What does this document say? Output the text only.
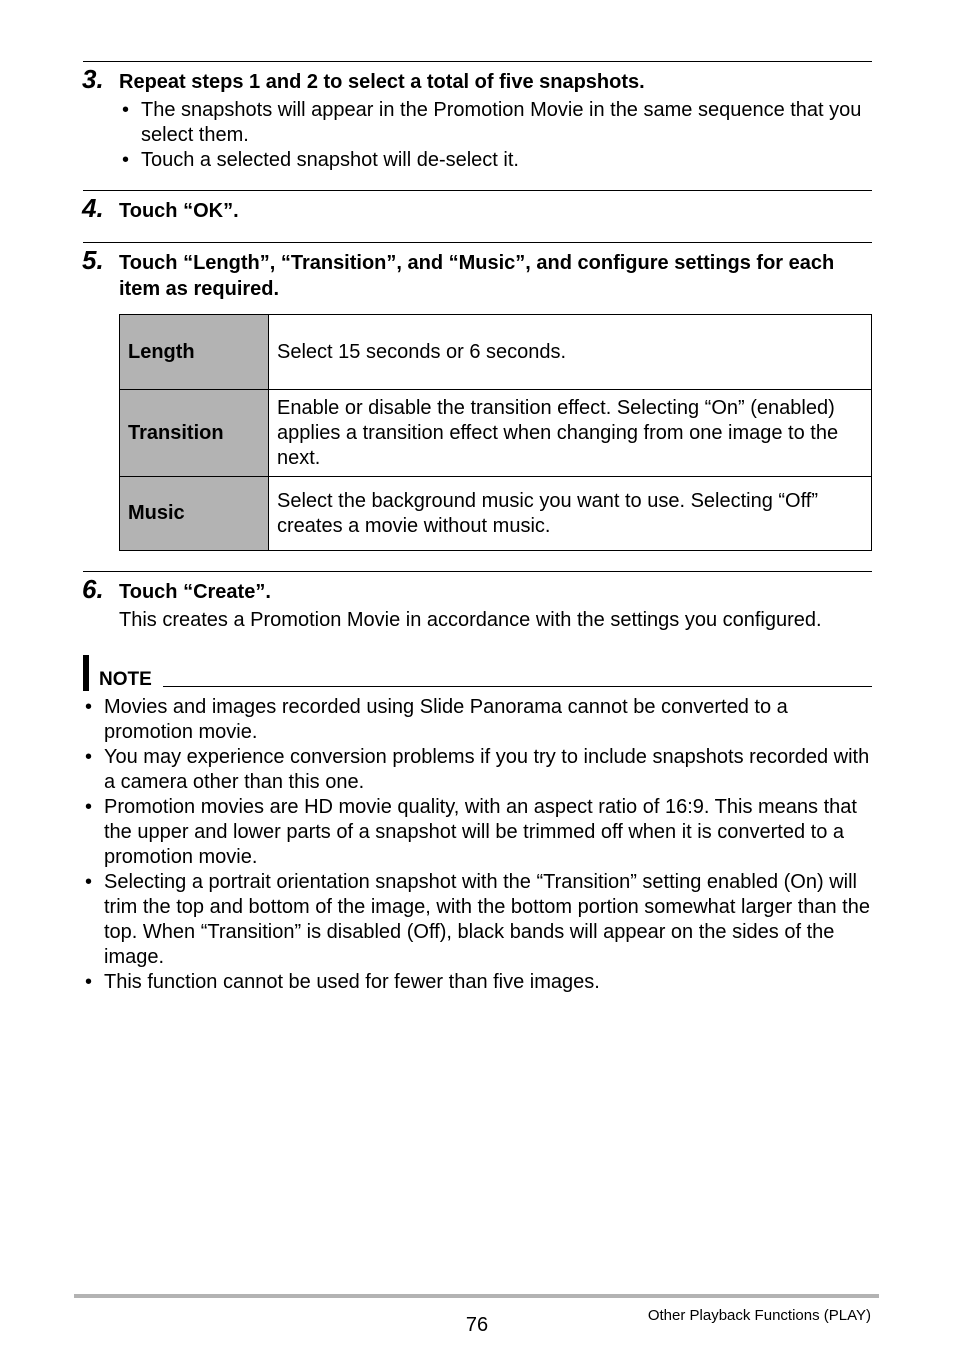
3. Repeat steps 1 and 2 to select a total of five snapshots.
• The snapshots will appear in the Promotion Movie in the same sequence that you select them.
• Touch a selected snapshot will de-select it.
4. Touch “OK”.
5. Touch “Length”, “Transition”, and “Music”, and configure settings for each item as required.
Length	Select 15 seconds or 6 seconds.
Transition	Enable or disable the transition effect. Selecting “On” (enabled) applies a transition effect when changing from one image to the next.
Music	Select the background music you want to use. Selecting “Off” creates a movie without music.
6. Touch “Create”.
This creates a Promotion Movie in accordance with the settings you configured.
NOTE
• Movies and images recorded using Slide Panorama cannot be converted to a promotion movie.
• You may experience conversion problems if you try to include snapshots recorded with a camera other than this one.
• Promotion movies are HD movie quality, with an aspect ratio of 16:9. This means that the upper and lower parts of a snapshot will be trimmed off when it is converted to a promotion movie.
• Selecting a portrait orientation snapshot with the “Transition” setting enabled (On) will trim the top and bottom of the image, with the bottom portion somewhat larger than the top. When “Transition” is disabled (Off), black bands will appear on the sides of the image.
• This function cannot be used for fewer than five images.
76	Other Playback Functions (PLAY)
